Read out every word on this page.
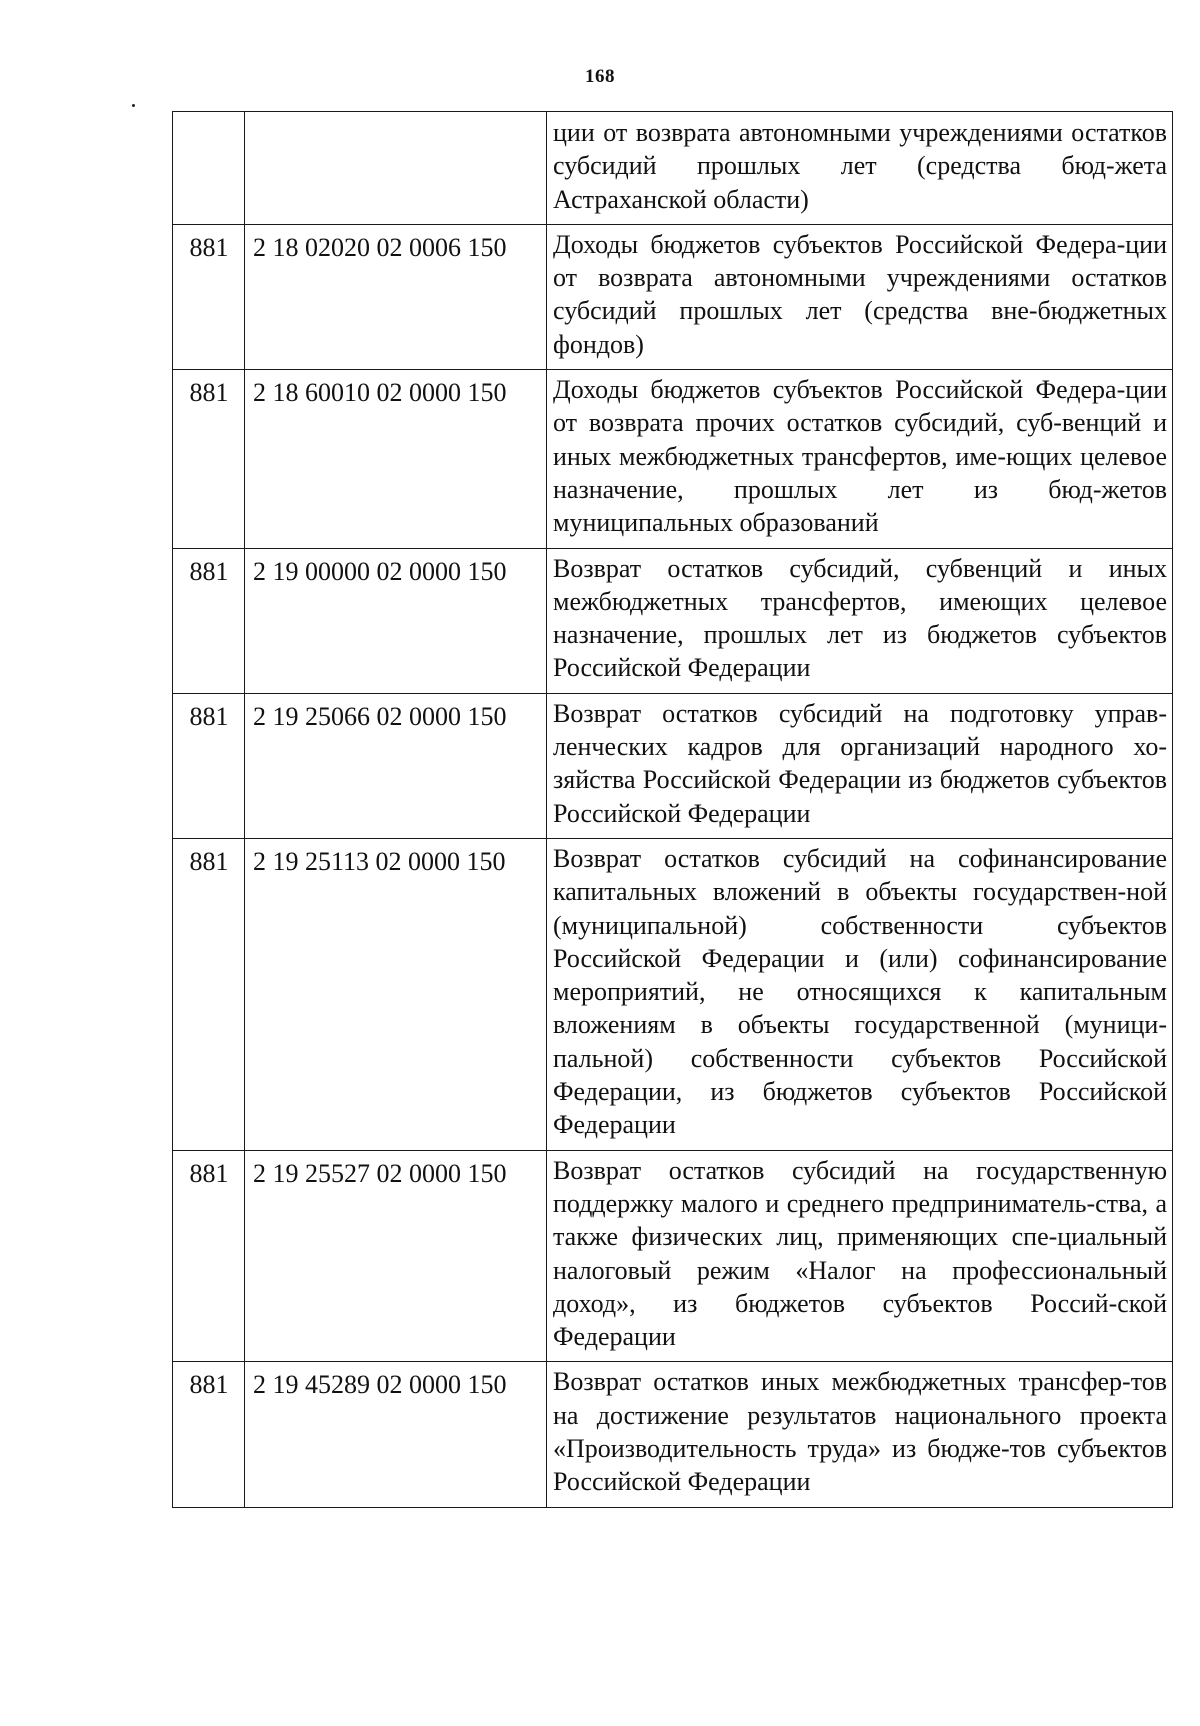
168
		ции от возврата автономными учреждениями остатков субсидий прошлых лет (средства бюд-жета Астраханской области)
881	2 18 02020 02 0006 150	Доходы бюджетов субъектов Российской Федера-ции от возврата автономными учреждениями остатков субсидий прошлых лет (средства вне-бюджетных фондов)
881	2 18 60010 02 0000 150	Доходы бюджетов субъектов Российской Федера-ции от возврата прочих остатков субсидий, суб-венций и иных межбюджетных трансфертов, име-ющих целевое назначение, прошлых лет из бюд-жетов муниципальных образований
881	2 19 00000 02 0000 150	Возврат остатков субсидий, субвенций и иных межбюджетных трансфертов, имеющих целевое назначение, прошлых лет из бюджетов субъектов Российской Федерации
881	2 19 25066 02 0000 150	Возврат остатков субсидий на подготовку управ-ленческих кадров для организаций народного хо-зяйства Российской Федерации из бюджетов субъектов Российской Федерации
881	2 19 25113 02 0000 150	Возврат остатков субсидий на софинансирование капитальных вложений в объекты государствен-ной (муниципальной) собственности субъектов Российской Федерации и (или) софинансирование мероприятий, не относящихся к капитальным вложениям в объекты государственной (муници-пальной) собственности субъектов Российской Федерации, из бюджетов субъектов Российской Федерации
881	2 19 25527 02 0000 150	Возврат остатков субсидий на государственную поддержку малого и среднего предприниматель-ства, а также физических лиц, применяющих спе-циальный налоговый режим «Налог на профессиональный доход», из бюджетов субъектов Россий-ской Федерации
881	2 19 45289 02 0000 150	Возврат остатков иных межбюджетных трансфер-тов на достижение результатов национального проекта «Производительность труда» из бюдже-тов субъектов Российской Федерации
